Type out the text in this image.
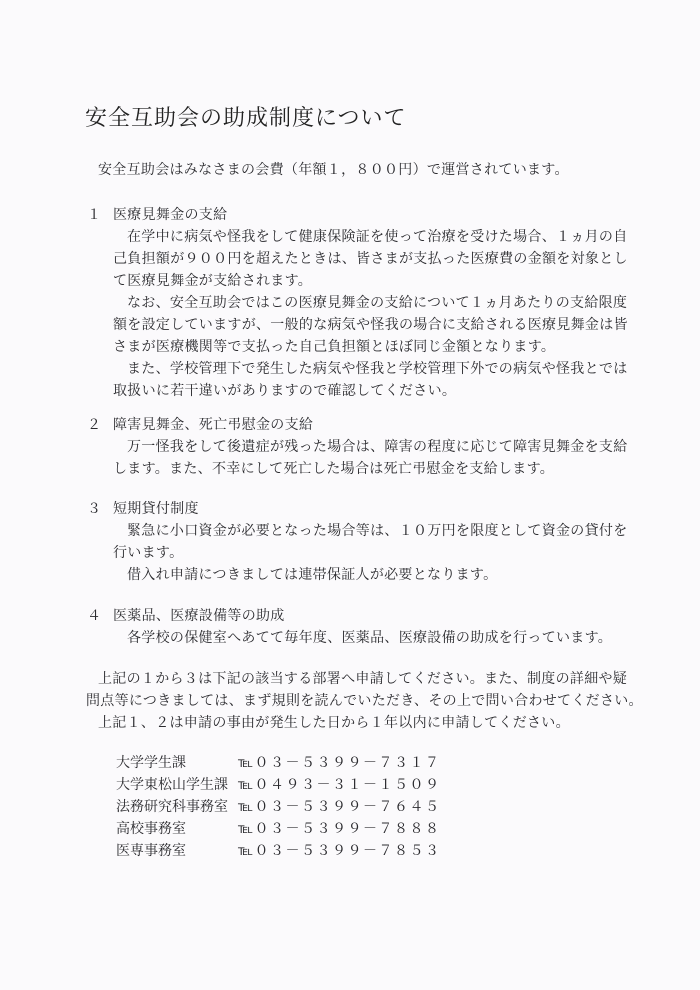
安全互助会の助成制度について
安全互助会はみなさまの会費（年額１，８００円）で運営されています。
１ 医療見舞金の支給
在学中に病気や怪我をして健康保険証を使って治療を受けた場合、１ヵ月の自
己負担額が９００円を超えたときは、皆さまが支払った医療費の金額を対象とし
て医療見舞金が支給されます。
なお、安全互助会ではこの医療見舞金の支給について１ヵ月あたりの支給限度
額を設定していますが、一般的な病気や怪我の場合に支給される医療見舞金は皆
さまが医療機関等で支払った自己負担額とほぼ同じ金額となります。
また、学校管理下で発生した病気や怪我と学校管理下外での病気や怪我とでは
取扱いに若干違いがありますので確認してください。
２ 障害見舞金、死亡弔慰金の支給
万一怪我をして後遺症が残った場合は、障害の程度に応じて障害見舞金を支給
します。また、不幸にして死亡した場合は死亡弔慰金を支給します。
３ 短期貸付制度
緊急に小口資金が必要となった場合等は、１０万円を限度として資金の貸付を
行います。
借入れ申請につきましては連帯保証人が必要となります。
４ 医薬品、医療設備等の助成
各学校の保健室へあてて毎年度、医薬品、医療設備の助成を行っています。
上記の１から３は下記の該当する部署へ申請してください。また、制度の詳細や疑
問点等につきましては、まず規則を読んでいただき、その上で問い合わせてください。
上記１、２は申請の事由が発生した日から１年以内に申請してください。
大学学生課	℡０３－５３９９－７３１７
大学東松山学生課 ℡０４９３－３１－１５０９
法務研究科事務室 ℡０３－５３９９－７６４５
高校事務室	℡０３－５３９９－７８８８
医専事務室	℡０３－５３９９－７８５３
